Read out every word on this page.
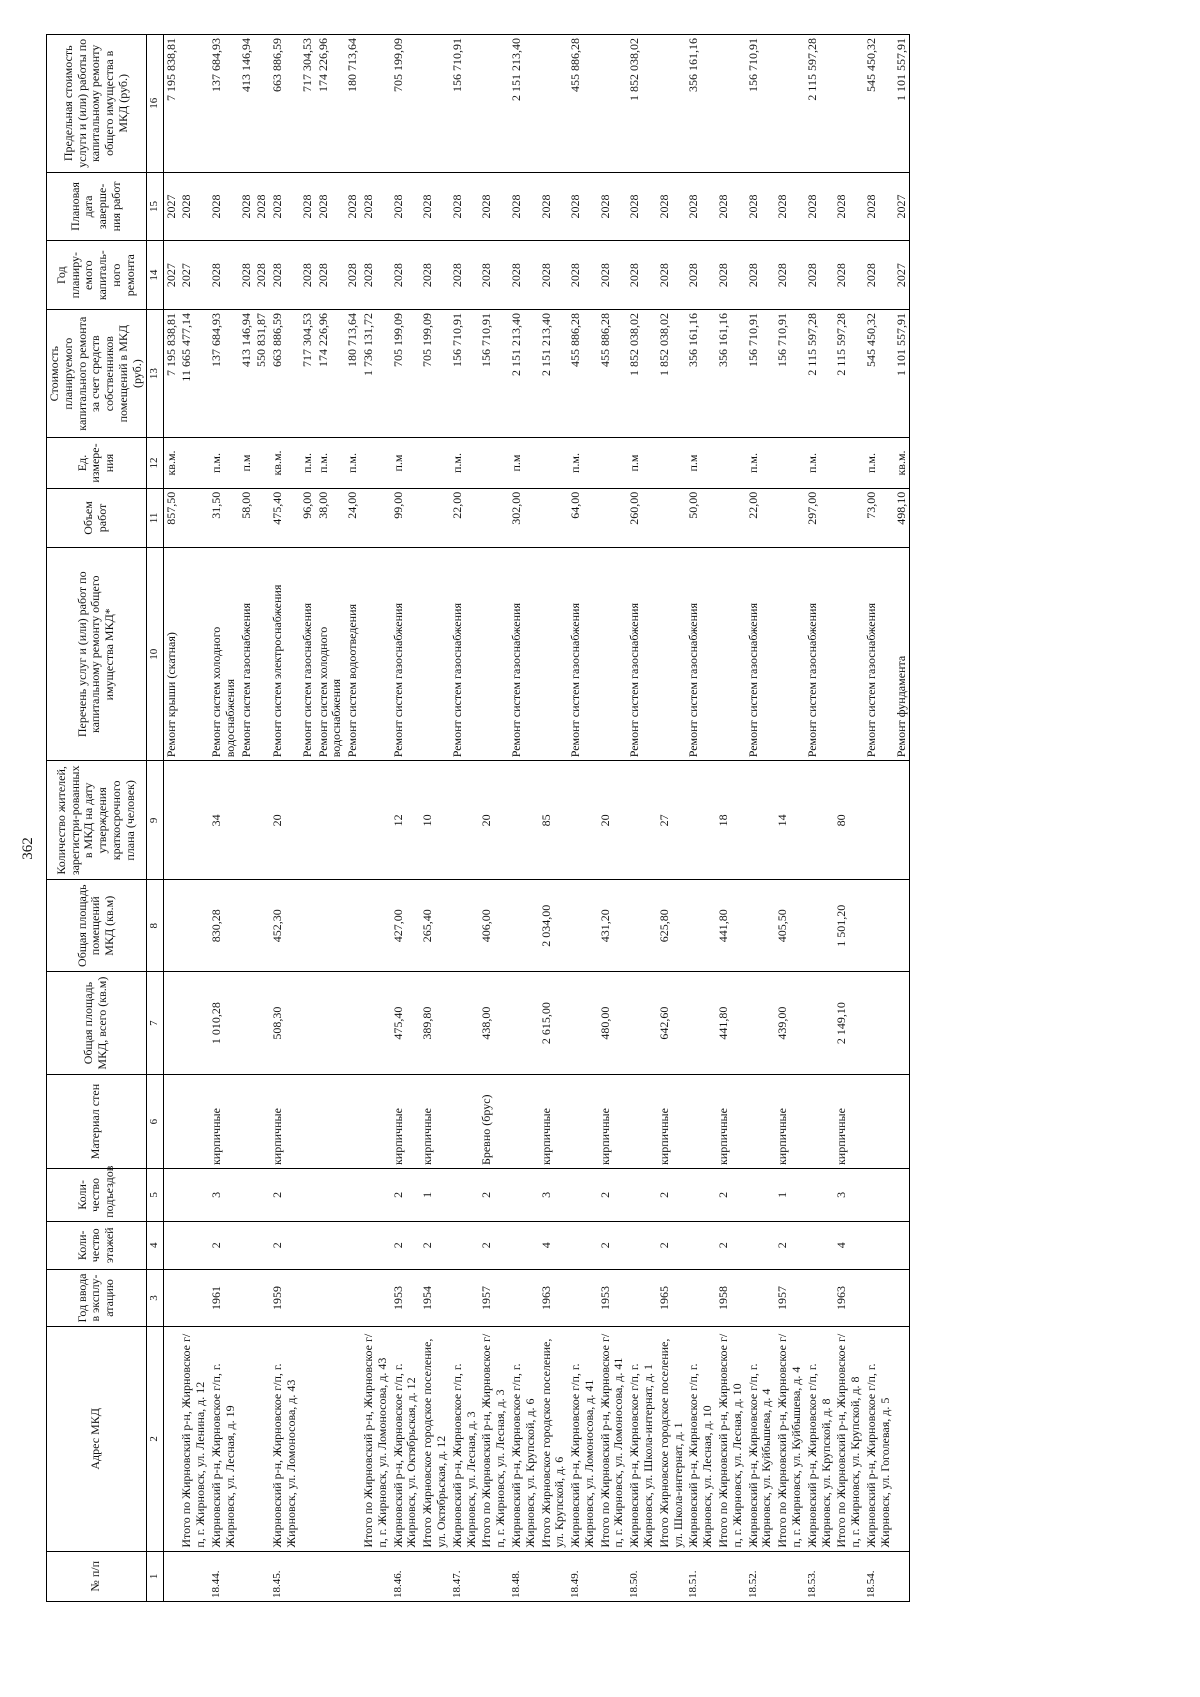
362
№ п/п	Адрес МКД	Год ввода в эксплу-атацию	Коли-чество этажей	Коли-чество подъездов	Материал стен	Общая площадь МКД, всего (кв.м)	Общая площадь помещений МКД (кв.м)	Количество жителей, зарегистри-рованных в МКД на дату утверждения краткосрочного плана (человек)	Перечень услуг и (или) работ по капитальному ремонту общего имущества МКД*	Объем работ	Ед. измере-ния	Стоимость планируемого капитального ремонта за счет средств собственников помещений в МКД (руб.)	Год планиру-емого капиталь-ного ремонта	Плановая дата заверше-ния работ	Предельная стоимость услуги и (или) работы по капитальному ремонту общего имущества в МКД (руб.)
1	2	3	4	5	6	7	8	9	10	11	12	13	14	15	16
									Ремонт крыши (скатная)	857,50	кв.м.	7 195 838,81	2027	2027	7 195 838,81
	Итого по Жирновский р-н, Жирновское г/п, г. Жирновск, ул. Ленина, д. 12											11 665 477,14	2027	2028	
18.44.	Жирновский р-н, Жирновское г/п, г. Жирновск, ул. Лесная, д. 19	1961	2	3	кирпичные	1 010,28	830,28	34	Ремонт систем холодного водоснабжения	31,50	п.м.	137 684,93	2028	2028	137 684,93
									Ремонт систем газоснабжения	58,00	п.м	413 146,94	2028	2028	413 146,94
												550 831,87	2028	2028	
18.45.	Жирновский р-н, Жирновское г/п, г. Жирновск, ул. Ломоносова, д. 43	1959	2	2	кирпичные	508,30	452,30	20	Ремонт систем электроснабжения	475,40	кв.м.	663 886,59	2028	2028	663 886,59
									Ремонт систем газоснабжения	96,00	п.м.	717 304,53	2028	2028	717 304,53
									Ремонт систем холодного водоснабжения	38,00	п.м.	174 226,96	2028	2028	174 226,96
									Ремонт систем водоотведения	24,00	п.м.	180 713,64	2028	2028	180 713,64
	Итого по Жирновский р-н, Жирновское г/п, г. Жирновск, ул. Ломоносова, д. 43											1 736 131,72	2028	2028	
18.46.	Жирновский р-н, Жирновское г/п, г. Жирновск, ул. Октябрьская, д. 12	1953	2	2	кирпичные	475,40	427,00	12	Ремонт систем газоснабжения	99,00	п.м	705 199,09	2028	2028	705 199,09
	Итого Жирновское городское поселение, ул. Октябрьская, д. 12	1954	2	1	кирпичные	389,80	265,40	10				705 199,09	2028	2028	
18.47.	Жирновский р-н, Жирновское г/п, г. Жирновск, ул. Лесная, д. 3								Ремонт систем газоснабжения	22,00	п.м.	156 710,91	2028	2028	156 710,91
	Итого по Жирновский р-н, Жирновское г/п, г. Жирновск, ул. Лесная, д. 3	1957	2	2	Бревно (брус)	438,00	406,00	20				156 710,91	2028	2028	
18.48.	Жирновский р-н, Жирновское г/п, г. Жирновск, ул. Крупской, д. 6								Ремонт систем газоснабжения	302,00	п.м	2 151 213,40	2028	2028	2 151 213,40
	Итого Жирновское городское поселение, ул. Крупской, д. 6	1963	4	3	кирпичные	2 615,00	2 034,00	85				2 151 213,40	2028	2028	
18.49.	Жирновский р-н, Жирновское г/п, г. Жирновск, ул. Ломоносова, д. 41								Ремонт систем газоснабжения	64,00	п.м.	455 886,28	2028	2028	455 886,28
	Итого по Жирновский р-н, Жирновское г/п, г. Жирновск, ул. Ломоносова, д. 41	1953	2	2	кирпичные	480,00	431,20	20				455 886,28	2028	2028	
18.50.	Жирновский р-н, Жирновское г/п, г. Жирновск, ул. Школа-интернат, д. 1								Ремонт систем газоснабжения	260,00	п.м	1 852 038,02	2028	2028	1 852 038,02
	Итого Жирновское городское поселение, ул. Школа-интернат, д. 1	1965	2	2	кирпичные	642,60	625,80	27				1 852 038,02	2028	2028	
18.51.	Жирновский р-н, Жирновское г/п, г. Жирновск, ул. Лесная, д. 10								Ремонт систем газоснабжения	50,00	п.м	356 161,16	2028	2028	356 161,16
	Итого по Жирновский р-н, Жирновское г/п, г. Жирновск, ул. Лесная, д. 10	1958	2	2	кирпичные	441,80	441,80	18				356 161,16	2028	2028	
18.52.	Жирновский р-н, Жирновское г/п, г. Жирновск, ул. Куйбышева, д. 4								Ремонт систем газоснабжения	22,00	п.м.	156 710,91	2028	2028	156 710,91
	Итого по Жирновский р-н, Жирновское г/п, г. Жирновск, ул. Куйбышева, д. 4	1957	2	1	кирпичные	439,00	405,50	14				156 710,91	2028	2028	
18.53.	Жирновский р-н, Жирновское г/п, г. Жирновск, ул. Крупской, д. 8								Ремонт систем газоснабжения	297,00	п.м.	2 115 597,28	2028	2028	2 115 597,28
	Итого по Жирновский р-н, Жирновское г/п, г. Жирновск, ул. Крупской, д. 8	1963	4	3	кирпичные	2 149,10	1 501,20	80				2 115 597,28	2028	2028	
18.54.	Жирновский р-н, Жирновское г/п, г. Жирновск, ул. Гоголевая, д. 5								Ремонт систем газоснабжения	73,00	п.м.	545 450,32	2028	2028	545 450,32
									Ремонт фундамента	498,10	кв.м.	1 101 557,91	2027	2027	1 101 557,91
